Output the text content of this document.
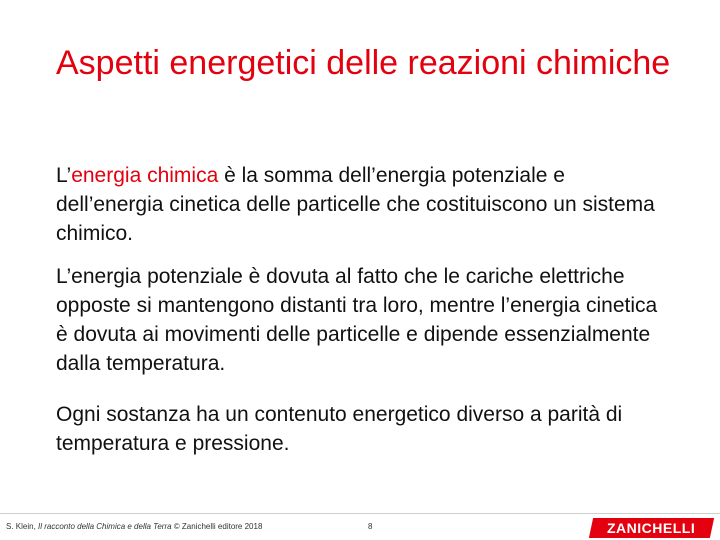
Aspetti energetici delle reazioni chimiche

L’energia chimica è la somma dell’energia potenziale e dell’energia cinetica delle particelle che costituiscono un sistema chimico.

L’energia potenziale è dovuta al fatto che le cariche elettriche opposte si mantengono distanti tra loro, mentre l’energia cinetica è dovuta ai movimenti delle particelle e dipende essenzialmente dalla temperatura.

Ogni sostanza ha un contenuto energetico diverso a parità di temperatura e pressione.

S. Klein, Il racconto della Chimica e della Terra © Zanichelli editore 2018	8	ZANICHELLI
